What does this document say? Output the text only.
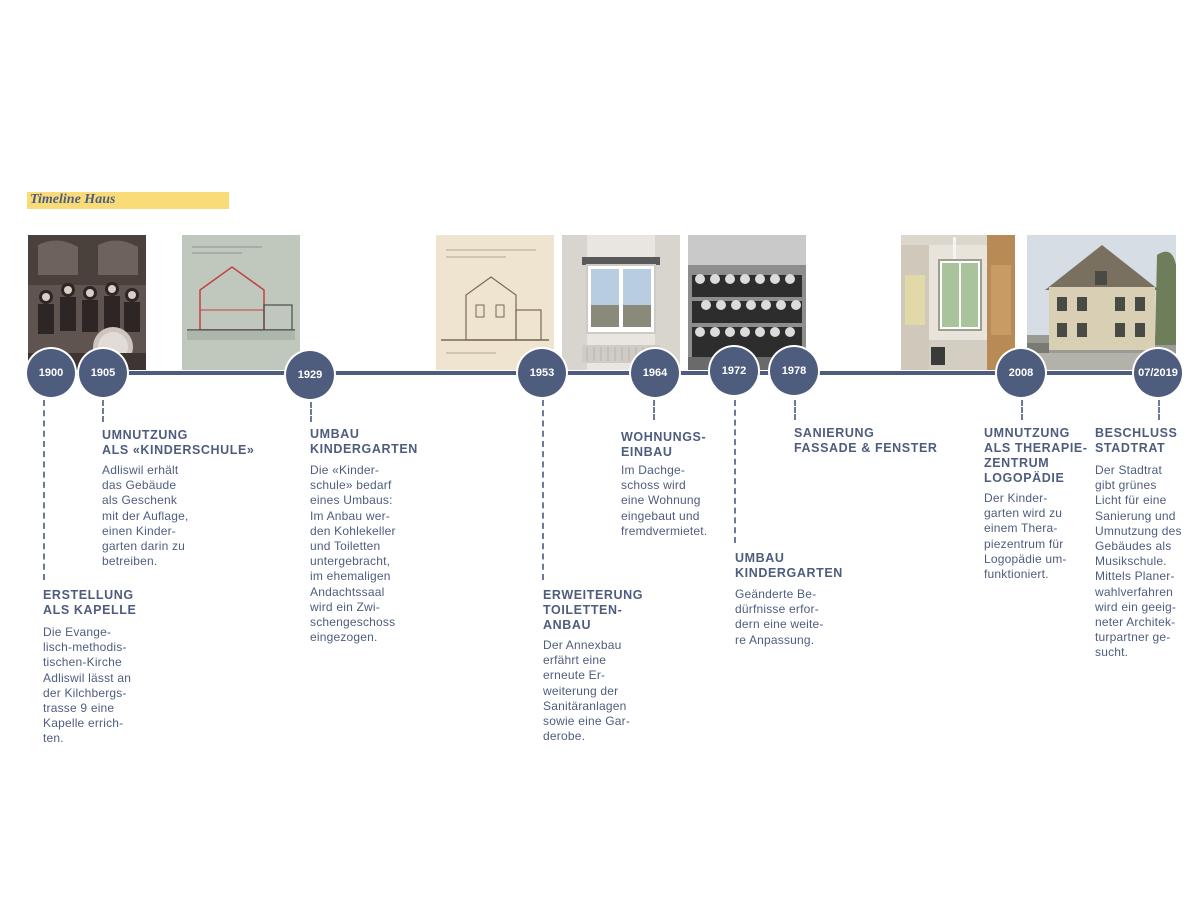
Timeline Haus
1900	1905	1929	1953	1964	1972	1978	2008	07/2019
ERSTELLUNG
ALS KAPELLE
Die Evange-
lisch-methodis-
tischen-Kirche
Adliswil lässt an
der Kilchbergs-
trasse 9 eine
Kapelle errich-
ten.
UMNUTZUNG
ALS «KINDERSCHULE»
Adliswil erhält
das Gebäude
als Geschenk
mit der Auflage,
einen Kinder-
garten darin zu
betreiben.
UMBAU
KINDERGARTEN
Die «Kinder-
schule» bedarf
eines Umbaus:
Im Anbau wer-
den Kohlekeller
und Toiletten
untergebracht,
im ehemaligen
Andachtssaal
wird ein Zwi-
schengeschoss
eingezogen.
ERWEITERUNG
TOILETTEN-
ANBAU
Der Annexbau
erfährt eine
erneute Er-
weiterung der
Sanitäranlagen
sowie eine Gar-
derobe.
WOHNUNGS-
EINBAU
Im Dachge-
schoss wird
eine Wohnung
eingebaut und
fremdvermietet.
UMBAU
KINDERGARTEN
Geänderte Be-
dürfnisse erfor-
dern eine weite-
re Anpassung.
SANIERUNG
FASSADE & FENSTER
UMNUTZUNG
ALS THERAPIE-
ZENTRUM
LOGOPÄDIE
Der Kinder-
garten wird zu
einem Thera-
piezentrum für
Logopädie um-
funktioniert.
BESCHLUSS
STADTRAT
Der Stadtrat
gibt grünes
Licht für eine
Sanierung und
Umnutzung des
Gebäudes als
Musikschule.
Mittels Planer-
wahlverfahren
wird ein geeig-
neter Architek-
turpartner ge-
sucht.
